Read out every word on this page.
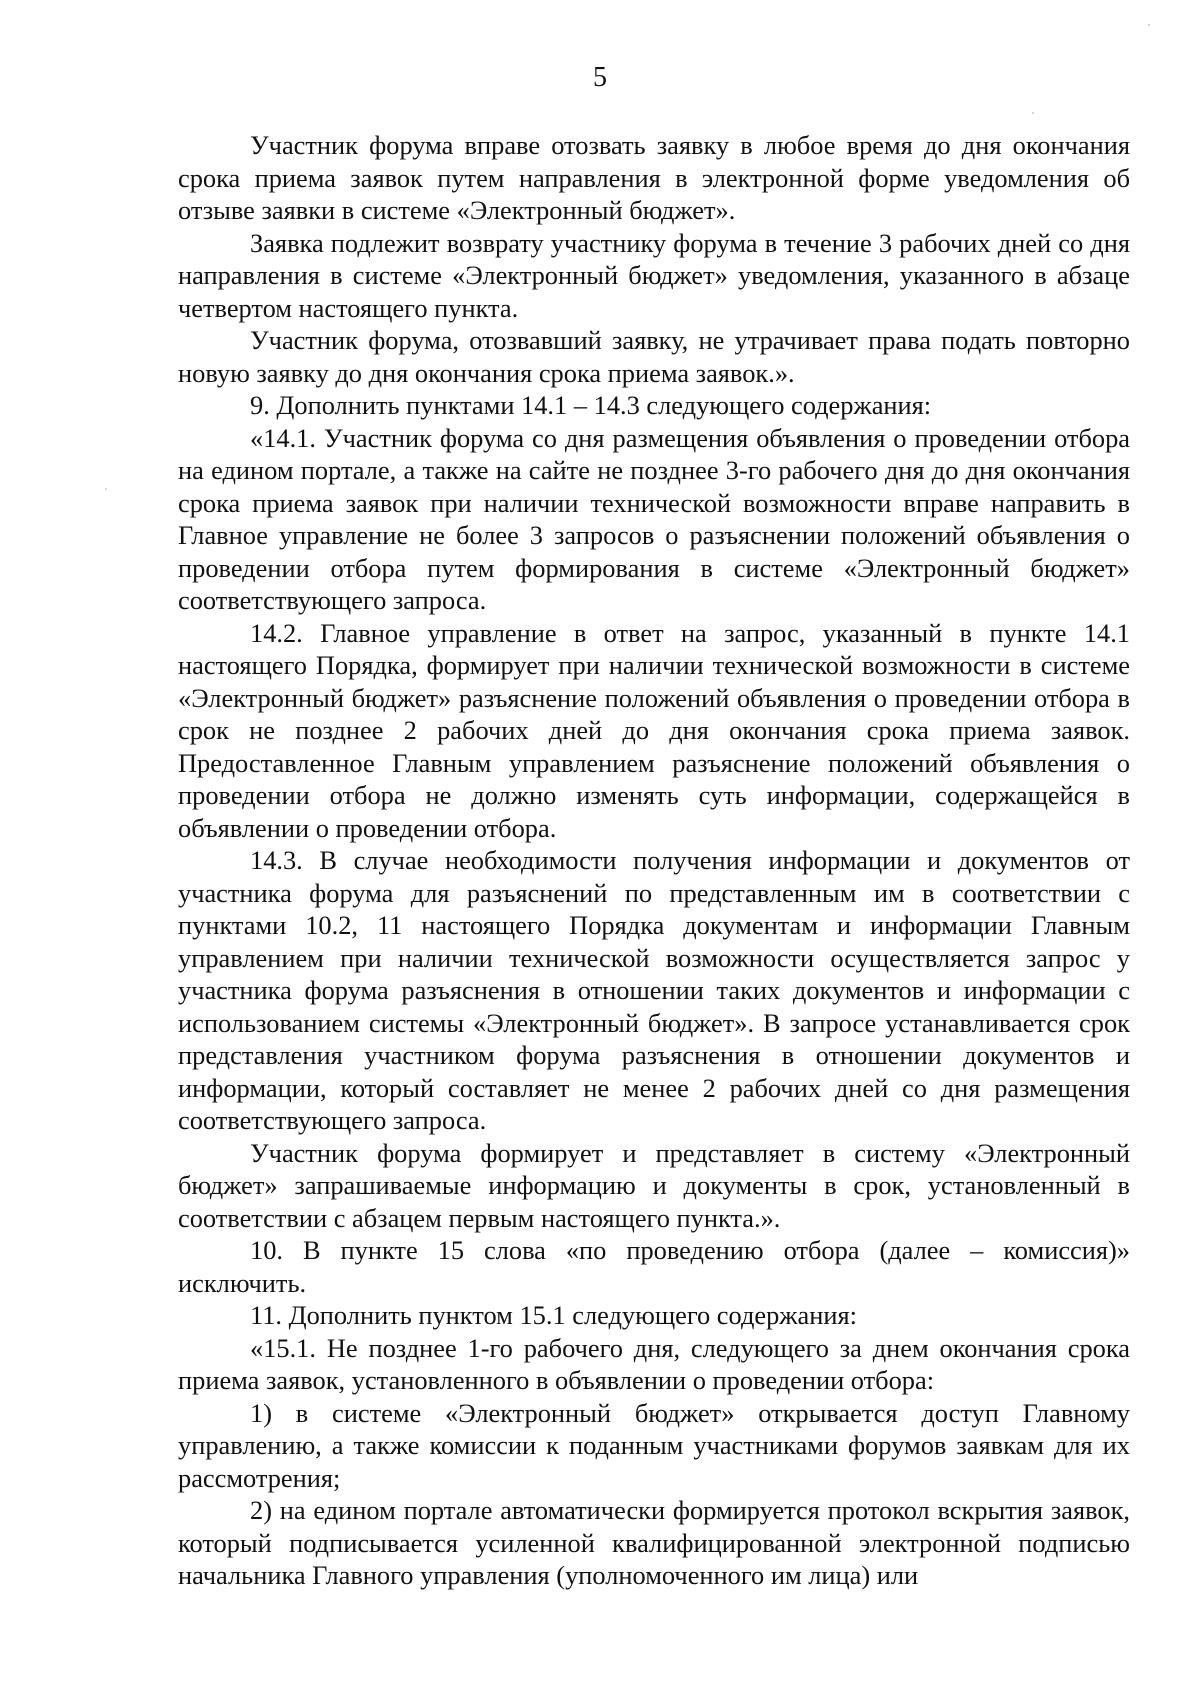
5

Участник форума вправе отозвать заявку в любое время до дня окончания срока приема заявок путем направления в электронной форме уведомления об отзыве заявки в системе «Электронный бюджет».

Заявка подлежит возврату участнику форума в течение 3 рабочих дней со дня направления в системе «Электронный бюджет» уведомления, указанного в абзаце четвертом настоящего пункта.

Участник форума, отозвавший заявку, не утрачивает права подать повторно новую заявку до дня окончания срока приема заявок.».

9. Дополнить пунктами 14.1 – 14.3 следующего содержания:

«14.1. Участник форума со дня размещения объявления о проведении отбора на едином портале, а также на сайте не позднее 3-го рабочего дня до дня окончания срока приема заявок при наличии технической возможности вправе направить в Главное управление не более 3 запросов о разъяснении положений объявления о проведении отбора путем формирования в системе «Электронный бюджет» соответствующего запроса.

14.2. Главное управление в ответ на запрос, указанный в пункте 14.1 настоящего Порядка, формирует при наличии технической возможности в системе «Электронный бюджет» разъяснение положений объявления о проведении отбора в срок не позднее 2 рабочих дней до дня окончания срока приема заявок. Предоставленное Главным управлением разъяснение положений объявления о проведении отбора не должно изменять суть информации, содержащейся в объявлении о проведении отбора.

14.3. В случае необходимости получения информации и документов от участника форума для разъяснений по представленным им в соответствии с пунктами 10.2, 11 настоящего Порядка документам и информации Главным управлением при наличии технической возможности осуществляется запрос у участника форума разъяснения в отношении таких документов и информации с использованием системы «Электронный бюджет». В запросе устанавливается срок представления участником форума разъяснения в отношении документов и информации, который составляет не менее 2 рабочих дней со дня размещения соответствующего запроса.

Участник форума формирует и представляет в систему «Электронный бюджет» запрашиваемые информацию и документы в срок, установленный в соответствии с абзацем первым настоящего пункта.».

10. В пункте 15 слова «по проведению отбора (далее – комиссия)» исключить.

11. Дополнить пунктом 15.1 следующего содержания:

«15.1. Не позднее 1-го рабочего дня, следующего за днем окончания срока приема заявок, установленного в объявлении о проведении отбора:

1) в системе «Электронный бюджет» открывается доступ Главному управлению, а также комиссии к поданным участниками форумов заявкам для их рассмотрения;

2) на едином портале автоматически формируется протокол вскрытия заявок, который подписывается усиленной квалифицированной электронной подписью начальника Главного управления (уполномоченного им лица) или
